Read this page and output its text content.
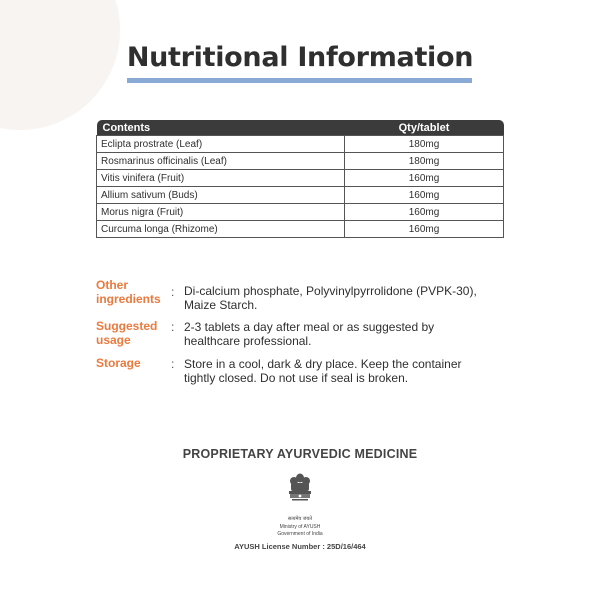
Nutritional Information
Contents	Qty/tablet
Eclipta prostrate (Leaf)	180mg
Rosmarinus officinalis (Leaf)	180mg
Vitis vinifera (Fruit)	160mg
Allium sativum (Buds)	160mg
Morus nigra (Fruit)	160mg
Curcuma longa (Rhizome)	160mg
Other
ingredients : Di-calcium phosphate, Polyvinylpyrrolidone (PVPK-30),
Maize Starch.
Suggested
usage
: 2-3 tablets a day after meal or as suggested by
healthcare professional.
Storage	: Store in a cool, dark & dry place. Keep the container
tightly closed. Do not use if seal is broken.
PROPRIETARY AYURVEDIC MEDICINE
सत्यमेव जयते
Ministry of AYUSH
Government of India
AYUSH License Number : 25D/16/464
